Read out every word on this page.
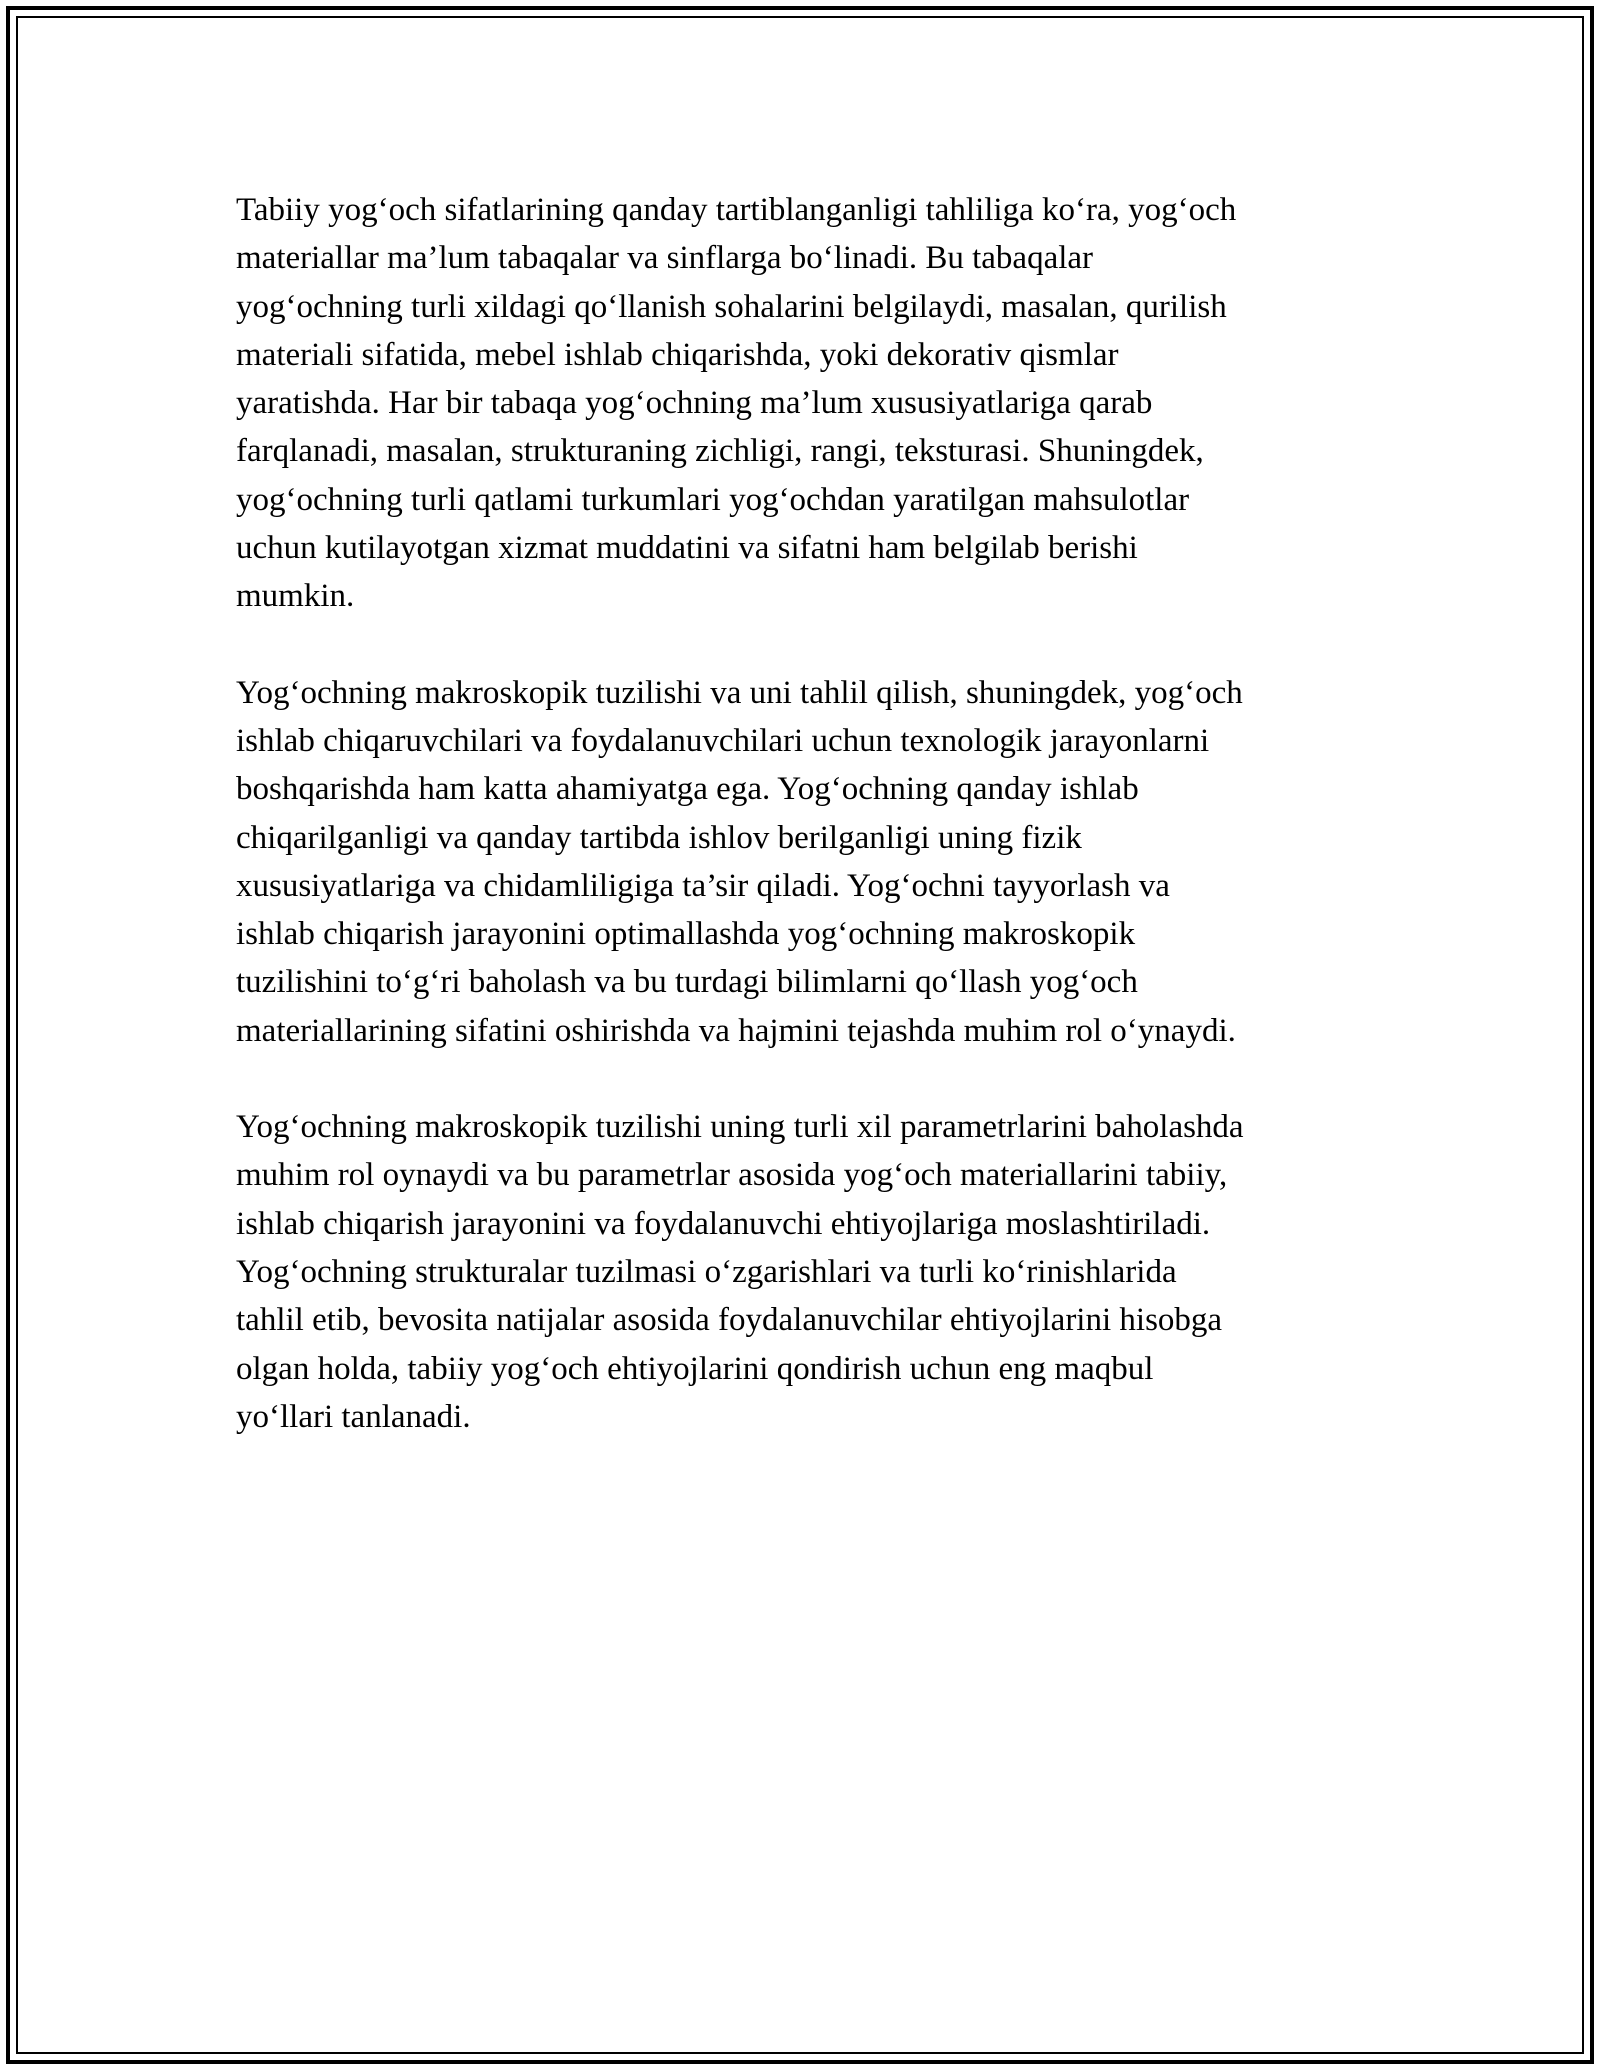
Tabiiy yog‘och sifatlarining qanday tartiblanganligi tahliliga ko‘ra, yog‘och
materiallar ma’lum tabaqalar va sinflarga bo‘linadi. Bu tabaqalar
yog‘ochning turli xildagi qo‘llanish sohalarini belgilaydi, masalan, qurilish
materiali sifatida, mebel ishlab chiqarishda, yoki dekorativ qismlar
yaratishda. Har bir tabaqa yog‘ochning ma’lum xususiyatlariga qarab
farqlanadi, masalan, strukturaning zichligi, rangi, teksturasi. Shuningdek,
yog‘ochning turli qatlami turkumlari yog‘ochdan yaratilgan mahsulotlar
uchun kutilayotgan xizmat muddatini va sifatni ham belgilab berishi
mumkin.

Yog‘ochning makroskopik tuzilishi va uni tahlil qilish, shuningdek, yog‘och
ishlab chiqaruvchilari va foydalanuvchilari uchun texnologik jarayonlarni
boshqarishda ham katta ahamiyatga ega. Yog‘ochning qanday ishlab
chiqarilganligi va qanday tartibda ishlov berilganligi uning fizik
xususiyatlariga va chidamliligiga ta’sir qiladi. Yog‘ochni tayyorlash va
ishlab chiqarish jarayonini optimallashda yog‘ochning makroskopik
tuzilishini to‘g‘ri baholash va bu turdagi bilimlarni qo‘llash yog‘och
materiallarining sifatini oshirishda va hajmini tejashda muhim rol o‘ynaydi.

Yog‘ochning makroskopik tuzilishi uning turli xil parametrlarini baholashda
muhim rol oynaydi va bu parametrlar asosida yog‘och materiallarini tabiiy,
ishlab chiqarish jarayonini va foydalanuvchi ehtiyojlariga moslashtiriladi.
Yog‘ochning strukturalar tuzilmasi o‘zgarishlari va turli ko‘rinishlarida
tahlil etib, bevosita natijalar asosida foydalanuvchilar ehtiyojlarini hisobga
olgan holda, tabiiy yog‘och ehtiyojlarini qondirish uchun eng maqbul
yo‘llari tanlanadi.
